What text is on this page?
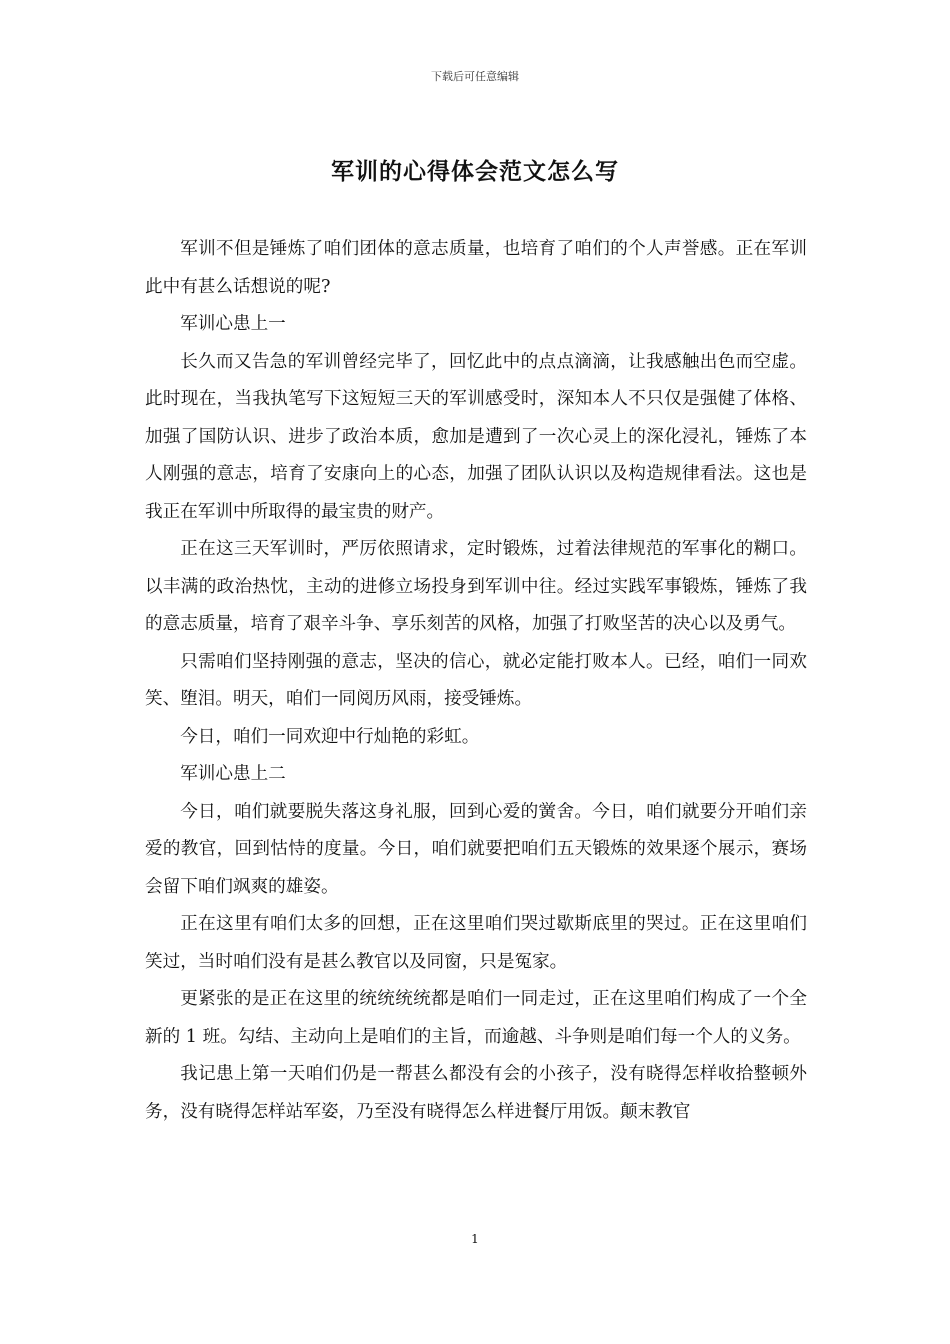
下载后可任意编辑
军训的心得体会范文怎么写

军训不但是锤炼了咱们团体的意志质量，也培育了咱们的个人声誉感。正在军训此中有甚么话想说的呢?

军训心患上一

长久而又告急的军训曾经完毕了，回忆此中的点点滴滴，让我感触出色而空虚。此时现在，当我执笔写下这短短三天的军训感受时，深知本人不只仅是强健了体格、加强了国防认识、进步了政治本质，愈加是遭到了一次心灵上的深化浸礼，锤炼了本人刚强的意志，培育了安康向上的心态，加强了团队认识以及构造规律看法。这也是我正在军训中所取得的最宝贵的财产。

正在这三天军训时，严厉依照请求，定时锻炼，过着法律规范的军事化的糊口。以丰满的政治热忱，主动的进修立场投身到军训中往。经过实践军事锻炼，锤炼了我的意志质量，培育了艰辛斗争、享乐刻苦的风格，加强了打败坚苦的决心以及勇气。

只需咱们坚持刚强的意志，坚决的信心，就必定能打败本人。已经，咱们一同欢笑、堕泪。明天，咱们一同阅历风雨，接受锤炼。

今日，咱们一同欢迎中行灿艳的彩虹。

军训心患上二

今日，咱们就要脱失落这身礼服，回到心爱的黉舍。今日，咱们就要分开咱们亲爱的教官，回到怙恃的度量。今日，咱们就要把咱们五天锻炼的效果逐个展示，赛场会留下咱们飒爽的雄姿。

正在这里有咱们太多的回想，正在这里咱们哭过歇斯底里的哭过。正在这里咱们笑过，当时咱们没有是甚么教官以及同窗，只是冤家。

更紧张的是正在这里的统统统统都是咱们一同走过，正在这里咱们构成了一个全新的 1 班。勾结、主动向上是咱们的主旨，而逾越、斗争则是咱们每一个人的义务。

我记患上第一天咱们仍是一帮甚么都没有会的小孩子，没有晓得怎样收拾整顿外务，没有晓得怎样站军姿，乃至没有晓得怎么样进餐厅用饭。颠末教官

1
